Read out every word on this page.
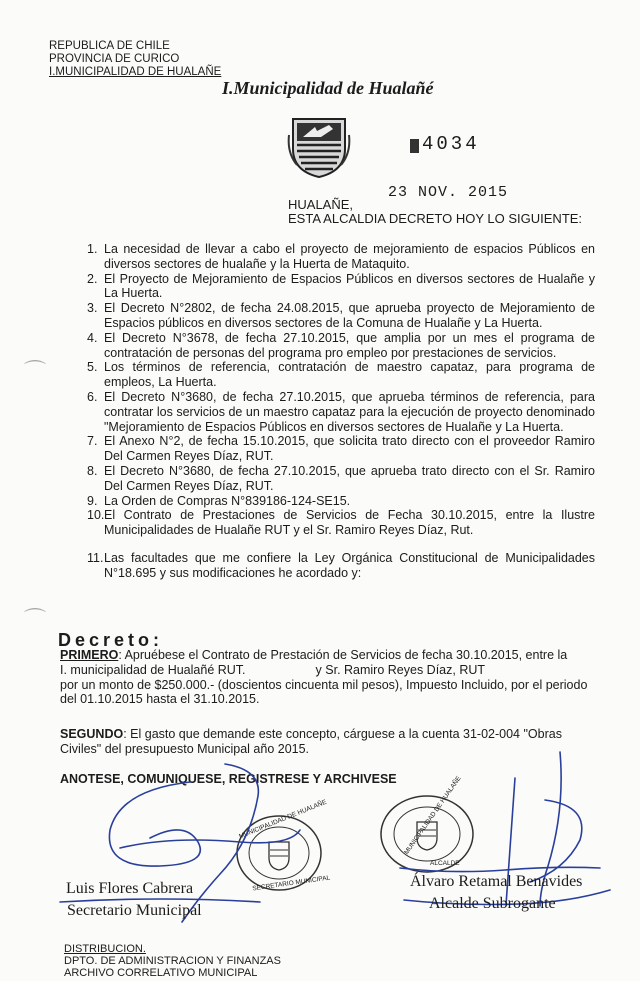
REPUBLICA DE CHILE
PROVINCIA DE CURICO
I.MUNICIPALIDAD DE HUALAÑE
I.Municipalidad de Hualañé
4034
23 NOV. 2015
HUALAÑE,
ESTA ALCALDIA DECRETO HOY LO SIGUIENTE:
1. La necesidad de llevar a cabo el proyecto de mejoramiento de espacios Públicos en diversos sectores de hualañe y la Huerta de Mataquito.
2. El Proyecto de Mejoramiento de Espacios Públicos en diversos sectores de Hualañe y La Huerta.
3. El Decreto N°2802, de fecha 24.08.2015, que aprueba proyecto de Mejoramiento de Espacios públicos en diversos sectores de la Comuna de Hualañe y La Huerta.
4. El Decreto N°3678, de fecha 27.10.2015, que amplia por un mes el programa de contratación de personas del programa pro empleo por prestaciones de servicios.
5. Los términos de referencia, contratación de maestro capataz, para programa de empleos, La Huerta.
6. El Decreto N°3680, de fecha 27.10.2015, que aprueba términos de referencia, para contratar los servicios de un maestro capataz para la ejecución de proyecto denominado "Mejoramiento de Espacios Públicos en diversos sectores de Hualañe y La Huerta.
7. El Anexo N°2, de fecha 15.10.2015, que solicita trato directo con el proveedor Ramiro Del Carmen Reyes Díaz, RUT.
8. El Decreto N°3680, de fecha 27.10.2015, que aprueba trato directo con el Sr. Ramiro Del Carmen Reyes Díaz, RUT.
9. La Orden de Compras N°839186-124-SE15.
10. El Contrato de Prestaciones de Servicios de Fecha 30.10.2015, entre la Ilustre Municipalidades de Hualañe RUT y el Sr. Ramiro Reyes Díaz, Rut.
11. Las facultades que me confiere la Ley Orgánica Constitucional de Municipalidades N°18.695 y sus modificaciones he acordado y:
Decreto:
PRIMERO: Apruébese el Contrato de Prestación de Servicios de fecha 30.10.2015, entre la
I. municipalidad de Hualañé RUT.	y Sr. Ramiro Reyes Díaz, RUT
por un monto de $250.000.- (doscientos cincuenta mil pesos), Impuesto Incluido, por el periodo del 01.10.2015 hasta el 31.10.2015.
SEGUNDO: El gasto que demande este concepto, cárguese a la cuenta 31-02-004 "Obras Civiles" del presupuesto Municipal año 2015.
ANOTESE, COMUNIQUESE, REGISTRESE Y ARCHIVESE
MUNICIPALIDAD DE HUALAÑE
SECRETARIO MUNICIPAL
MUNICIPALIDAD DE HUALAÑE
ALCALDE
Luis Flores Cabrera
Secretario Municipal
Álvaro Retamal Benavides
Alcalde Subrogante
DISTRIBUCION.
DPTO. DE ADMINISTRACION Y FINANZAS
ARCHIVO CORRELATIVO MUNICIPAL
⌒
⌒
